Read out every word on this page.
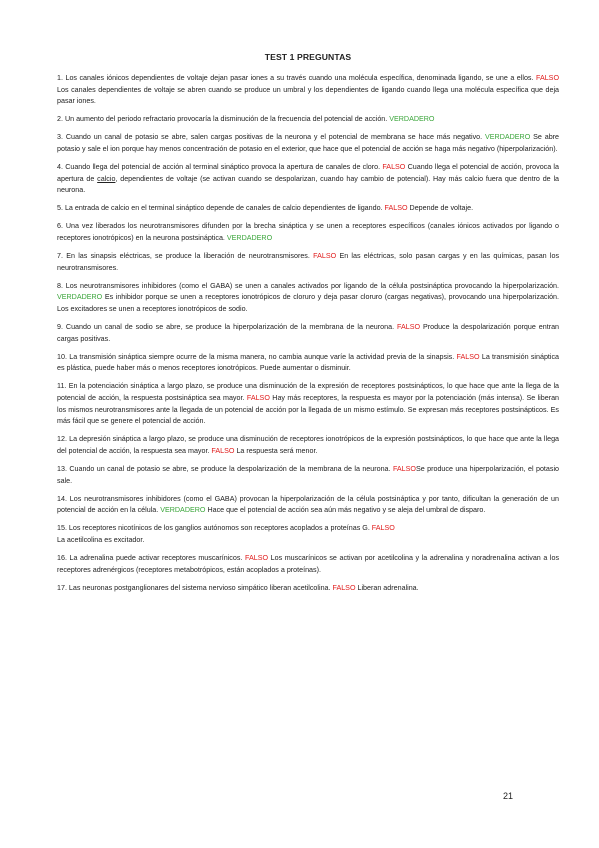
TEST 1 PREGUNTAS

1. Los canales iónicos dependientes de voltaje dejan pasar iones a su través cuando una molécula específica, denominada ligando, se une a ellos. FALSO Los canales dependientes de voltaje se abren cuando se produce un umbral y los dependientes de ligando cuando llega una molécula específica que deja pasar iones.

2. Un aumento del periodo refractario provocaría la disminución de la frecuencia del potencial de acción. VERDADERO

3. Cuando un canal de potasio se abre, salen cargas positivas de la neurona y el potencial de membrana se hace más negativo. VERDADERO Se abre potasio y sale el ion porque hay menos concentración de potasio en el exterior, que hace que el potencial de acción se haga más negativo (hiperpolarización).

4. Cuando llega del potencial de acción al terminal sináptico provoca la apertura de canales de cloro. FALSO Cuando llega el potencial de acción, provoca la apertura de calcio, dependientes de voltaje (se activan cuando se despolarizan, cuando hay cambio de potencial). Hay más calcio fuera que dentro de la neurona.

5. La entrada de calcio en el terminal sináptico depende de canales de calcio dependientes de ligando. FALSO Depende de voltaje.

6. Una vez liberados los neurotransmisores difunden por la brecha sináptica y se unen a receptores específicos (canales iónicos activados por ligando o receptores ionotrópicos) en la neurona postsináptica. VERDADERO

7. En las sinapsis eléctricas, se produce la liberación de neurotransmisores. FALSO En las eléctricas, solo pasan cargas y en las químicas, pasan los neurotransmisores.

8. Los neurotransmisores inhibidores (como el GABA) se unen a canales activados por ligando de la célula postsináptica provocando la hiperpolarización. VERDADERO Es inhibidor porque se unen a receptores ionotrópicos de cloruro y deja pasar cloruro (cargas negativas), provocando una hiperpolarización. Los excitadores se unen a receptores ionotrópicos de sodio.

9. Cuando un canal de sodio se abre, se produce la hiperpolarización de la membrana de la neurona. FALSO Produce la despolarización porque entran cargas positivas.

10. La transmisión sináptica siempre ocurre de la misma manera, no cambia aunque varíe la actividad previa de la sinapsis. FALSO La transmisión sináptica es plástica, puede haber más o menos receptores ionotrópicos. Puede aumentar o disminuir.

11. En la potenciación sináptica a largo plazo, se produce una disminución de la expresión de receptores postsinápticos, lo que hace que ante la llega de la potencial de acción, la respuesta postsináptica sea mayor. FALSO Hay más receptores, la respuesta es mayor por la potenciación (más intensa). Se liberan los mismos neurotransmisores ante la llegada de un potencial de acción por la llegada de un mismo estímulo. Se expresan más receptores postsinápticos. Es más fácil que se genere el potencial de acción.

12. La depresión sináptica a largo plazo, se produce una disminución de receptores ionotrópicos de la expresión postsinápticos, lo que hace que ante la llega del potencial de acción, la respuesta sea mayor. FALSO La respuesta será menor.

13. Cuando un canal de potasio se abre, se produce la despolarización de la membrana de la neurona. FALSOSe produce una hiperpolarización, el potasio sale.

14. Los neurotransmisores inhibidores (como el GABA) provocan la hiperpolarización de la célula postsináptica y por tanto, dificultan la generación de un potencial de acción en la célula. VERDADERO Hace que el potencial de acción sea aún más negativo y se aleja del umbral de disparo.

15. Los receptores nicotínicos de los ganglios autónomos son receptores acoplados a proteínas G. FALSO
La acetilcolina es excitador.

16. La adrenalina puede activar receptores muscarínicos. FALSO Los muscarínicos se activan por acetilcolina y la adrenalina y noradrenalina activan a los receptores adrenérgicos (receptores metabotrópicos, están acoplados a proteínas).

17. Las neuronas postganglionares del sistema nervioso simpático liberan acetilcolina. FALSO Liberan adrenalina.

21
